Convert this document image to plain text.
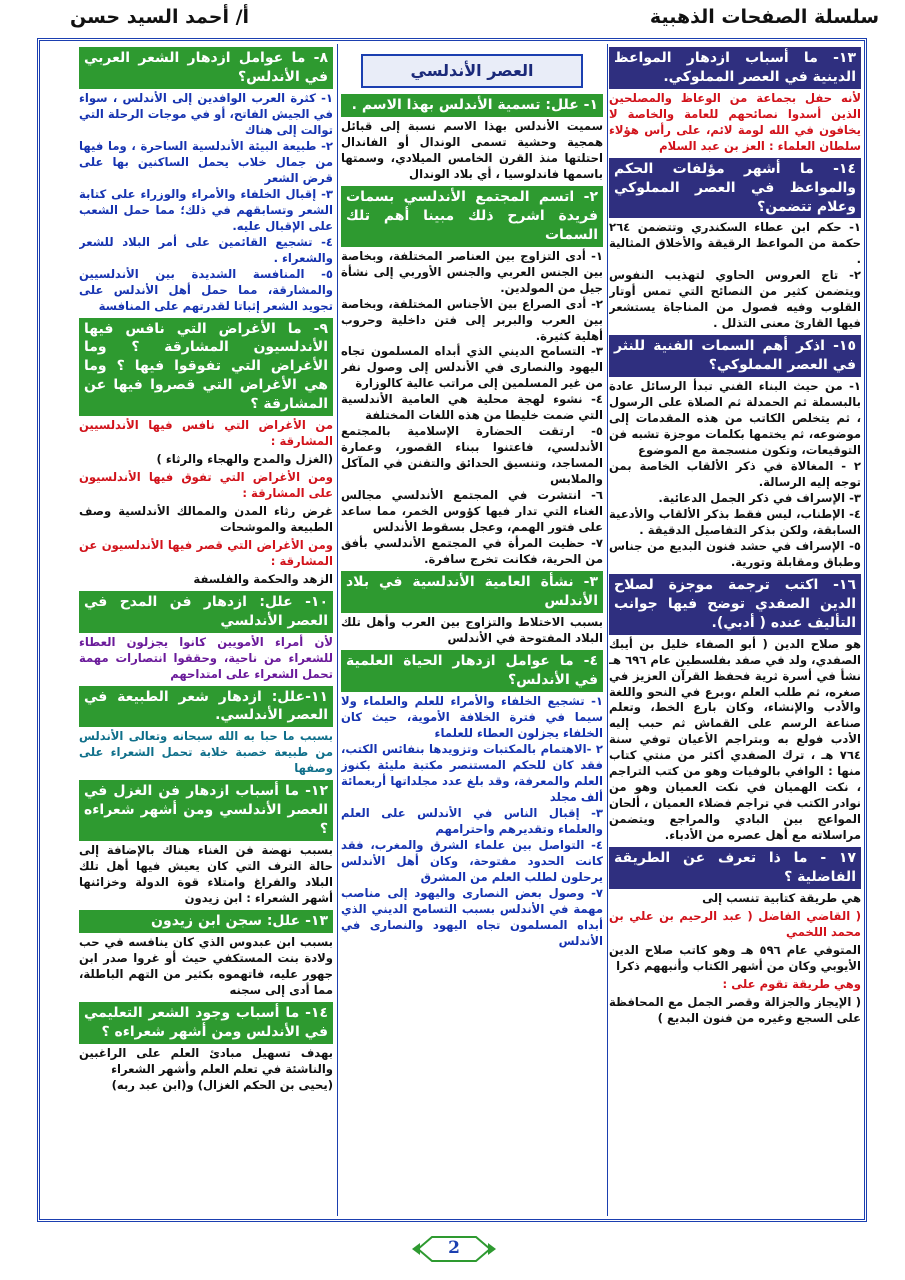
سلسلة الصفحات الذهبية
أ/ أحمد السيد حسن
١٣- ما أسباب ازدهار المواعظ الدينية في العصر المملوكي.
لأنه حفل بجماعة من الوعاظ والمصلحين الذين أسدوا نصائحهم للعامة والخاصة لا يخافون في الله لومة لائم، على رأس هؤلاء سلطان العلماء : العز بن عبد السلام
١٤- ما أشهر مؤلفات الحكم والمواعظ في العصر المملوكي وعلام تتضمن؟
١- حكم ابن عطاء السكندري وتتضمن ٢٦٤ حكمة من المواعظ الرقيقة والأخلاق المثالية .
٢- تاج العروس الحاوي لتهذيب النفوس ويتضمن كثير من النصائح التي تمس أوتار القلوب وفيه فصول من المناجاة يستشعر فيها القارئ معنى التذلل .
١٥- اذكر أهم السمات الفنية للنثر في العصر المملوكي؟
١- من حيث البناء الفني تبدأ الرسائل عادة بالبسملة ثم الحمدلة ثم الصلاة على الرسول ، ثم يتخلص الكاتب من هذه المقدمات إلى موضوعه، ثم يختمها بكلمات موجزة تشبه فن التوقيعات، وتكون منسجمة مع الموضوع
٢ - المغالاة في ذكر الألقاب الخاصة بمن توجه إليه الرسالة.
٣- الإسراف في ذكر الجمل الدعائية.
٤- الإطناب، ليس فقط بذكر الألقاب والأدعية السابقة، ولكن بذكر التفاصيل الدقيقة .
٥- الإسراف في حشد فنون البديع من جناس وطباق ومقابلة وتورية.
١٦- اكتب ترجمة موجزة لصلاح الدين الصفدي توضح فيها جوانب التأليف عنده ( أدبي).
هو صلاح الدين ( أبو الصفاء خليل بن أيبك الصفدي، ولد في صفد بفلسطين عام ٦٩٦ هـ نشأ في أسرة ثرية فحفظ القرآن العزيز في صغره، ثم طلب العلم ،وبرع في النحو واللغة والأدب والإنشاء، وكان بارع الخط، وتعلم صناعة الرسم على القماش ثم حبب إليه الأدب فولع به وبتراجم الأعيان توفي سنة ٧٦٤ هـ ، ترك الصفدي أكثر من منتي كتاب منها : الوافي بالوفيات وهو من كتب التراجم ، نكت الهميان في نكت العميان وهو من نوادر الكتب في تراجم فضلاء العميان ، ألحان المواعج بين البادي والمراجع ويتضمن مراسلاته مع أهل عصره من الأدباء.
١٧ - ما ذا تعرف عن الطريقة الفاضلية ؟
هي طريقة كتابية تنسب إلى
( القاضي الفاضل ( عبد الرحيم بن علي بن محمد اللخمي
المتوفي عام ٥٩٦ هـ وهو كاتب صلاح الدين الأيوبي وكان من أشهر الكتاب وأنبههم ذكرا
وهي طريقة تقوم على :
( الإيجاز والجزالة وقصر الجمل مع المحافظة على السجع وغيره من فنون البديع )
العصر الأندلسي
١- علل: تسمية الأندلس بهذا الاسم .
سميت الأندلس بهذا الاسم نسبة إلى قبائل همجية وحشية تسمى الوندال أو الفاندال احتلتها منذ القرن الخامس الميلادي، وسمتها باسمها فاندلوسيا ، أي بلاد الوندال
٢- اتسم المجتمع الأندلسي بسمات فريدة اشرح ذلك مبينا أهم تلك السمات
١- أدى التزاوج بين العناصر المختلفة، وبخاصة بين الجنس العربي والجنس الأوربي إلى نشأة جيل من المولدين.
٢- أدى الصراع بين الأجناس المختلفة، وبخاصة بين العرب والبربر إلى فتن داخلية وحروب أهلية كثيرة.
٣- التسامح الديني الذي أبداه المسلمون تجاه اليهود والنصارى في الأندلس إلى وصول نفر من غير المسلمين إلى مراتب عالية كالوزارة
٤- نشوء لهجة محلية هي العامية الأندلسية التي ضمت خليطا من هذه اللغات المختلفة
٥- ارتقت الحضارة الإسلامية بالمجتمع الأندلسي، فاعتنوا ببناء القصور، وعمارة المساجد، وتنسيق الحدائق والتفنن في المآكل والملابس
٦- انتشرت في المجتمع الأندلسي مجالس الغناء التي تدار فيها كؤوس الخمر، مما ساعد على فتور الهمم، وعجل بسقوط الأندلس
٧- حظيت المرأة في المجتمع الأندلسي بأفق من الحرية، فكانت تخرج سافرة.
٣- نشأة العامية الأندلسية في بلاد الأندلس
بسبب الاختلاط والتزاوج بين العرب وأهل تلك البلاد المفتوحة في الأندلس
٤- ما عوامل ازدهار الحياة العلمية في الأندلس؟
١- تشجيع الخلفاء والأمراء للعلم والعلماء ولا سيما في فترة الخلافة الأموية، حيث كان الخلفاء يجزلون العطاء للعلماء
٢ -الاهتمام بالمكتبات وتزويدها بنفائس الكتب، فقد كان للحكم المستنصر مكتبة مليئة بكنوز العلم والمعرفة، وقد بلغ عدد مجلداتها أربعمائة ألف مجلد
٣- إقبال الناس في الأندلس على العلم والعلماء وتقديرهم واحترامهم
٤- التواصل بين علماء الشرق والمغرب، فقد كانت الحدود مفتوحة، وكان أهل الأندلس يرحلون لطلب العلم من المشرق
٧- وصول بعض النصارى واليهود إلى مناصب مهمة في الأندلس بسبب التسامح الديني الذي أبداه المسلمون تجاه اليهود والنصارى في الأندلس
٨- ما عوامل ازدهار الشعر العربي في الأندلس؟
١- كثرة العرب الوافدين إلى الأندلس ، سواء في الجيش الفاتح، أو في موجات الرحلة التي توالت إلى هناك
٢- طبيعة البيئة الأندلسية الساحرة ، وما فيها من جمال خلاب يحمل الساكنين بها على قرض الشعر
٣- إقبال الخلفاء والأمراء والوزراء على كتابة الشعر وتسابقهم في ذلك؛ مما حمل الشعب على الإقبال عليه.
٤- تشجيع القائمين على أمر البلاد للشعر والشعراء .
٥- المنافسة الشديدة بين الأندلسيين والمشارقة، مما حمل أهل الأندلس على تجويد الشعر إثباتا لقدرتهم على المنافسة
٩- ما الأغراض التي نافس فيها الأندلسيون المشارقة ؟ وما الأغراض التي تفوقوا فيها ؟ وما هي الأغراض التي قصروا فيها عن المشارقة ؟
من الأغراض التي نافس فيها الأندلسيين المشارقة :
(الغزل والمدح والهجاء والرثاء )
ومن الأغراض التي تفوق فيها الأندلسيون على المشارقة :
غرض رثاء المدن والممالك الأندلسية وصف الطبيعة والموشحات
ومن الأغراض التي قصر فيها الأندلسيون عن المشارقة :
الزهد والحكمة والفلسفة
١٠- علل: ازدهار فن المدح في العصر الأندلسي
لأن أمراء الأمويين كانوا يجزلون العطاء للشعراء من ناحية، وحققوا انتصارات مهمة تحمل الشعراء على امتداحهم
١١-علل: ازدهار شعر الطبيعة في العصر الأندلسي.
بسبب ما حبا به الله سبحانه وتعالى الأندلس من طبيعة خصبة خلابة تحمل الشعراء على وصفها
١٢- ما أسباب ازدهار فن الغزل في العصر الأندلسي ومن أشهر شعراءه ؟
بسبب نهضة فن الغناء هناك بالإضافة إلى حالة الترف التي كان يعيش فيها أهل تلك البلاد والفراغ وامتلاء قوة الدولة وخزائنها أشهر الشعراء : ابن زيدون
١٣- علل: سجن ابن زيدون
بسبب ابن عبدوس الذي كان ينافسه في حب ولادة بنت المستكفي حيث أو غروا صدر ابن جهور عليه، فاتهموه بكثير من التهم الباطلة، مما أدى إلى سجنه
١٤- ما أسباب وجود الشعر التعليمي في الأندلس ومن أشهر شعراءه ؟
بهدف تسهيل مبادئ العلم على الراغبين والناشئة في تعلم العلم وأشهر الشعراء
(يحيى بن الحكم الغزال) و(ابن عبد ربه)
2
